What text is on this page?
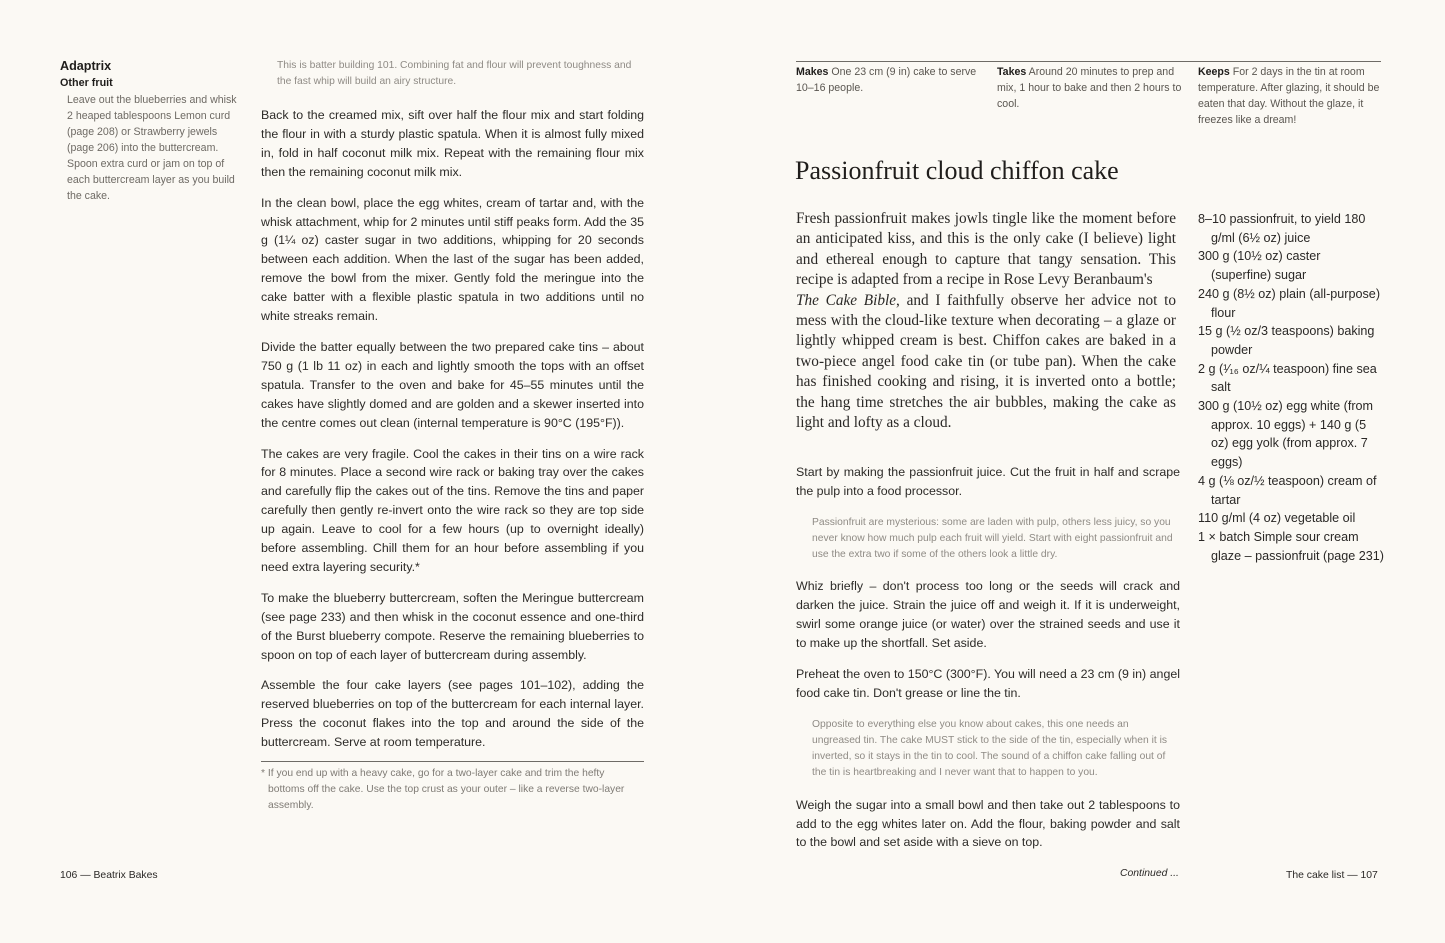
Adaptrix
Other fruit
Leave out the blueberries and whisk 2 heaped tablespoons Lemon curd (page 208) or Strawberry jewels (page 206) into the buttercream. Spoon extra curd or jam on top of each buttercream layer as you build the cake.
This is batter building 101. Combining fat and flour will prevent toughness and the fast whip will build an airy structure.

Back to the creamed mix, sift over half the flour mix and start folding the flour in with a sturdy plastic spatula. When it is almost fully mixed in, fold in half coconut milk mix. Repeat with the remaining flour mix then the remaining coconut milk mix.

In the clean bowl, place the egg whites, cream of tartar and, with the whisk attachment, whip for 2 minutes until stiff peaks form. Add the 35 g (1¼ oz) caster sugar in two additions, whipping for 20 seconds between each addition. When the last of the sugar has been added, remove the bowl from the mixer. Gently fold the meringue into the cake batter with a flexible plastic spatula in two additions until no white streaks remain.

Divide the batter equally between the two prepared cake tins – about 750 g (1 lb 11 oz) in each and lightly smooth the tops with an offset spatula. Transfer to the oven and bake for 45–55 minutes until the cakes have slightly domed and are golden and a skewer inserted into the centre comes out clean (internal temperature is 90°C (195°F)).

The cakes are very fragile. Cool the cakes in their tins on a wire rack for 8 minutes. Place a second wire rack or baking tray over the cakes and carefully flip the cakes out of the tins. Remove the tins and paper carefully then gently re-invert onto the wire rack so they are top side up again. Leave to cool for a few hours (up to overnight ideally) before assembling. Chill them for an hour before assembling if you need extra layering security.*

To make the blueberry buttercream, soften the Meringue buttercream (see page 233) and then whisk in the coconut essence and one-third of the Burst blueberry compote. Reserve the remaining blueberries to spoon on top of each layer of buttercream during assembly.

Assemble the four cake layers (see pages 101–102), adding the reserved blueberries on top of the buttercream for each internal layer. Press the coconut flakes into the top and around the side of the buttercream. Serve at room temperature.

* If you end up with a heavy cake, go for a two-layer cake and trim the hefty bottoms off the cake. Use the top crust as your outer – like a reverse two-layer assembly.
106 — Beatrix Bakes
Makes One 23 cm (9 in) cake to serve 10–16 people.
Takes Around 20 minutes to prep and mix, 1 hour to bake and then 2 hours to cool.
Keeps For 2 days in the tin at room temperature. After glazing, it should be eaten that day. Without the glaze, it freezes like a dream!
Passionfruit cloud chiffon cake
Fresh passionfruit makes jowls tingle like the moment before an anticipated kiss, and this is the only cake (I believe) light and ethereal enough to capture that tangy sensation. This recipe is adapted from a recipe in Rose Levy Beranbaum's
The Cake Bible, and I faithfully observe her advice not to mess with the cloud-like texture when decorating – a glaze or lightly whipped cream is best. Chiffon cakes are baked in a two-piece angel food cake tin (or tube pan). When the cake has finished cooking and rising, it is inverted onto a bottle; the hang time stretches the air bubbles, making the cake as light and lofty as a cloud.

Start by making the passionfruit juice. Cut the fruit in half and scrape the pulp into a food processor.

Passionfruit are mysterious: some are laden with pulp, others less juicy, so you never know how much pulp each fruit will yield. Start with eight passionfruit and use the extra two if some of the others look a little dry.

Whiz briefly – don't process too long or the seeds will crack and darken the juice. Strain the juice off and weigh it. If it is underweight, swirl some orange juice (or water) over the strained seeds and use it to make up the shortfall. Set aside.

Preheat the oven to 150°C (300°F). You will need a 23 cm (9 in) angel food cake tin. Don't grease or line the tin.

Opposite to everything else you know about cakes, this one needs an ungreased tin. The cake MUST stick to the side of the tin, especially when it is inverted, so it stays in the tin to cool. The sound of a chiffon cake falling out of the tin is heartbreaking and I never want that to happen to you.

Weigh the sugar into a small bowl and then take out 2 tablespoons to add to the egg whites later on. Add the flour, baking powder and salt to the bowl and set aside with a sieve on top.

Continued ...
8–10 passionfruit, to yield 180 g/ml (6½ oz) juice
300 g (10½ oz) caster (superfine) sugar
240 g (8½ oz) plain (all-purpose) flour
15 g (½ oz/3 teaspoons) baking powder
2 g (¹⁄₁₆ oz/¼ teaspoon) fine sea salt
300 g (10½ oz) egg white (from approx. 10 eggs) + 140 g (5 oz) egg yolk (from approx. 7 eggs)
4 g (⅛ oz/½ teaspoon) cream of tartar
110 g/ml (4 oz) vegetable oil
1 × batch Simple sour cream glaze – passionfruit (page 231)
The cake list — 107
